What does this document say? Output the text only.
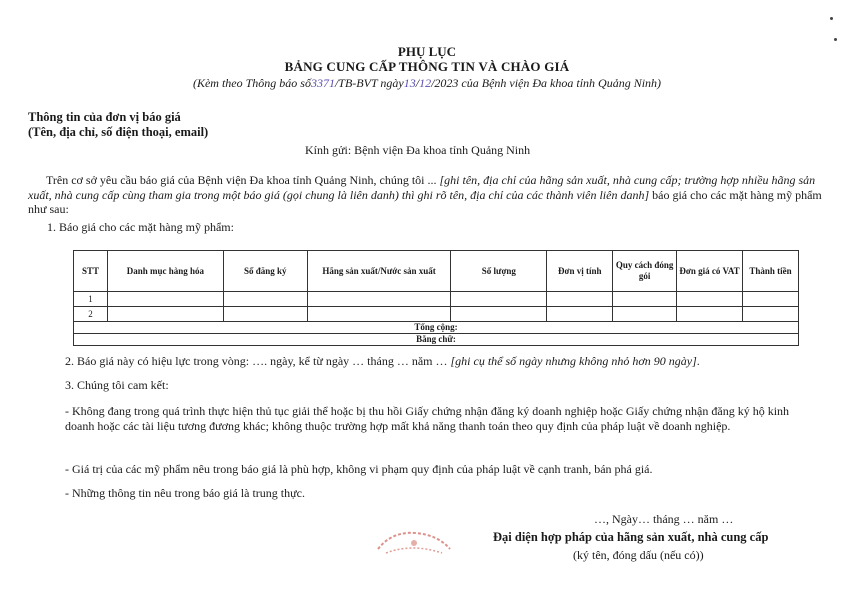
PHỤ LỤC
BẢNG CUNG CẤP THÔNG TIN VÀ CHÀO GIÁ
(Kèm theo Thông báo số3371/TB-BVT ngày13/12/2023 của Bệnh viện Đa khoa tỉnh Quảng Ninh)
Thông tin của đơn vị báo giá
(Tên, địa chỉ, số điện thoại, email)
Kính gửi: Bệnh viện Đa khoa tỉnh Quảng Ninh
Trên cơ sở yêu cầu báo giá của Bệnh viện Đa khoa tỉnh Quảng Ninh, chúng tôi ... [ghi tên, địa chỉ của hãng sản xuất, nhà cung cấp; trường hợp nhiều hãng sản xuất, nhà cung cấp cùng tham gia trong một báo giá (gọi chung là liên danh) thì ghi rõ tên, địa chỉ của các thành viên liên danh] báo giá cho các mặt hàng mỹ phẩm như sau:
1. Báo giá cho các mặt hàng mỹ phẩm:
STT	Danh mục hàng hóa	Số đăng ký	Hãng sản xuất/Nước sản xuất	Số lượng	Đơn vị tính	Quy cách đóng gói	Đơn giá có VAT	Thành tiền
1								
2								
Tổng cộng:								
Bằng chữ:								
2. Báo giá này có hiệu lực trong vòng: …. ngày, kể từ ngày … tháng … năm … [ghi cụ thể số ngày nhưng không nhỏ hơn 90 ngày].
3. Chúng tôi cam kết:
- Không đang trong quá trình thực hiện thủ tục giải thể hoặc bị thu hồi Giấy chứng nhận đăng ký doanh nghiệp hoặc Giấy chứng nhận đăng ký hộ kinh doanh hoặc các tài liệu tương đương khác; không thuộc trường hợp mất khả năng thanh toán theo quy định của pháp luật về doanh nghiệp.
- Giá trị của các mỹ phẩm nêu trong báo giá là phù hợp, không vi phạm quy định của pháp luật về cạnh tranh, bán phá giá.
- Những thông tin nêu trong báo giá là trung thực.
…, Ngày… tháng … năm …
Đại diện hợp pháp của hãng sản xuất, nhà cung cấp
(ký tên, đóng dấu (nếu có))
